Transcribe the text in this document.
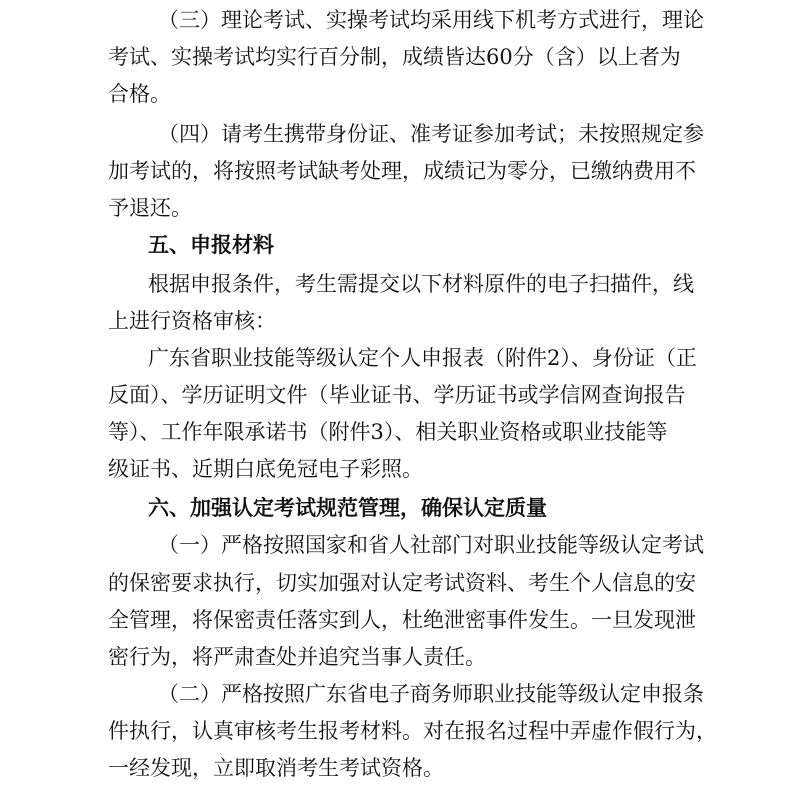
（三）理论考试、实操考试均采用线下机考方式进行，理论
考试、实操考试均实行百分制，成绩皆达60分（含）以上者为
合格。
（四）请考生携带身份证、准考证参加考试；未按照规定参
加考试的，将按照考试缺考处理，成绩记为零分，已缴纳费用不
予退还。
五、申报材料
根据申报条件，考生需提交以下材料原件的电子扫描件，线
上进行资格审核：
广东省职业技能等级认定个人申报表（附件2）、身份证（正
反面）、学历证明文件（毕业证书、学历证书或学信网查询报告
等）、工作年限承诺书（附件3）、相关职业资格或职业技能等
级证书、近期白底免冠电子彩照。
六、加强认定考试规范管理，确保认定质量
（一）严格按照国家和省人社部门对职业技能等级认定考试
的保密要求执行，切实加强对认定考试资料、考生个人信息的安
全管理，将保密责任落实到人，杜绝泄密事件发生。一旦发现泄
密行为，将严肃查处并追究当事人责任。
（二）严格按照广东省电子商务师职业技能等级认定申报条
件执行，认真审核考生报考材料。对在报名过程中弄虚作假行为，
一经发现，立即取消考生考试资格。
